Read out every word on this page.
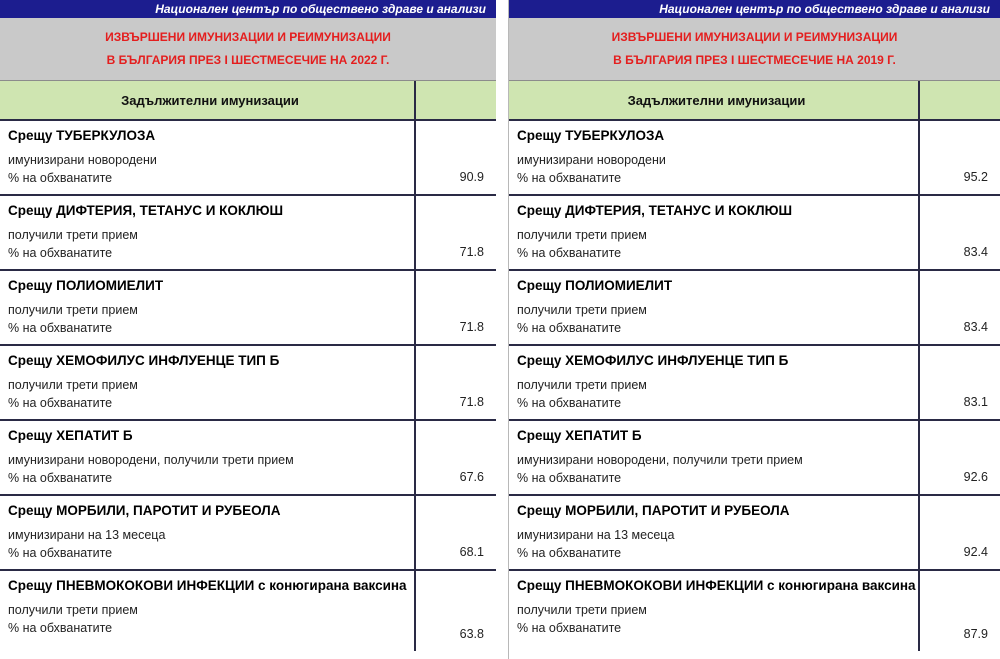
Национален център по обществено здраве и анализи
ИЗВЪРШЕНИ ИМУНИЗАЦИИ И РЕИМУНИЗАЦИИ
В БЪЛГАРИЯ ПРЕЗ I ШЕСТМЕСЕЧИЕ НА 2022 Г.
Задължителни имунизации
Срещу ТУБЕРКУЛОЗА
имунизирани новородени
% на обхванатите	90.9
Срещу ДИФТЕРИЯ, ТЕТАНУС И КОКЛЮШ
получили трети прием
% на обхванатите	71.8
Срещу ПОЛИОМИЕЛИТ
получили трети прием
% на обхванатите	71.8
Срещу ХЕМОФИЛУС ИНФЛУЕНЦЕ ТИП Б
получили трети прием
% на обхванатите	71.8
Срещу ХЕПАТИТ Б
имунизирани новородени, получили трети прием
% на обхванатите	67.6
Срещу МОРБИЛИ, ПАРОТИТ И РУБЕОЛА
имунизирани на 13 месеца
% на обхванатите	68.1
Срещу ПНЕВМОКОКОВИ ИНФЕКЦИИ с конюгирана ваксина
получили трети прием
% на обхванатите	63.8
Национален център по обществено здраве и анализи
ИЗВЪРШЕНИ ИМУНИЗАЦИИ И РЕИМУНИЗАЦИИ
В БЪЛГАРИЯ ПРЕЗ I ШЕСТМЕСЕЧИЕ НА 2019 Г.
Задължителни имунизации
Срещу ТУБЕРКУЛОЗА
имунизирани новородени
% на обхванатите	95.2
Срещу ДИФТЕРИЯ, ТЕТАНУС И КОКЛЮШ
получили трети прием
% на обхванатите	83.4
Срещу ПОЛИОМИЕЛИТ
получили трети прием
% на обхванатите	83.4
Срещу ХЕМОФИЛУС ИНФЛУЕНЦЕ ТИП Б
получили трети прием
% на обхванатите	83.1
Срещу ХЕПАТИТ Б
имунизирани новородени, получили трети прием
% на обхванатите	92.6
Срещу МОРБИЛИ, ПАРОТИТ И РУБЕОЛА
имунизирани на 13 месеца
% на обхванатите	92.4
Срещу ПНЕВМОКОКОВИ ИНФЕКЦИИ с конюгирана ваксина
получили трети прием
% на обхванатите	87.9
